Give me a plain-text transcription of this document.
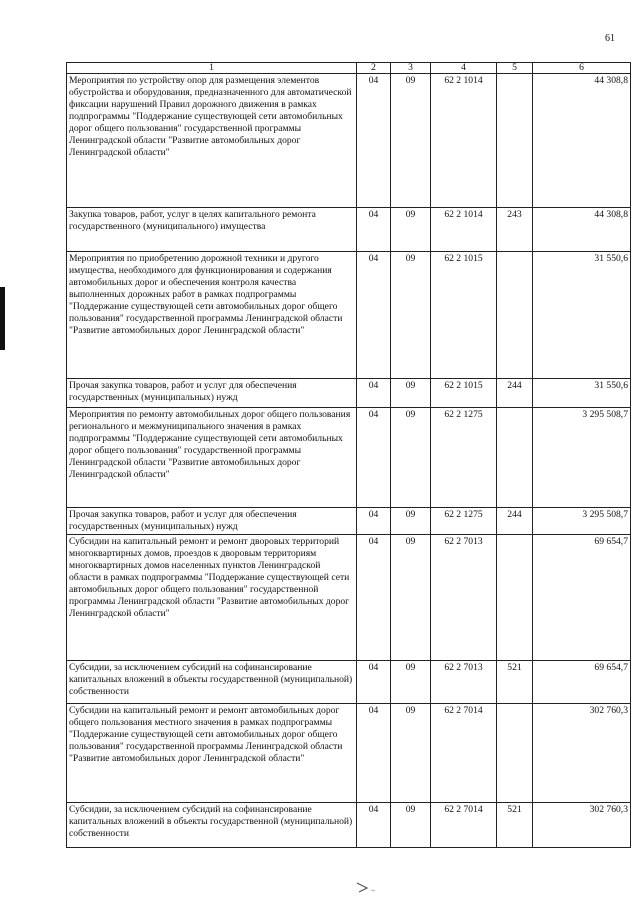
61
1	2	3	4	5	6
Мероприятия по устройству опор для размещения элементов обустройства и оборудования, предназначенного для автоматической фиксации нарушений Правил дорожного движения в рамках подпрограммы "Поддержание существующей сети автомобильных дорог общего пользования" государственной программы Ленинградской области "Развитие автомобильных дорог Ленинградской области"	04	09	62 2 1014		44 308,8
Закупка товаров, работ, услуг в целях капитального ремонта государственного (муниципального) имущества	04	09	62 2 1014	243	44 308,8
Мероприятия по приобретению дорожной техники и другого имущества, необходимого для функционирования и содержания автомобильных дорог и обеспечения контроля качества выполненных дорожных работ в рамках подпрограммы "Поддержание существующей сети автомобильных дорог общего пользования" государственной программы Ленинградской области "Развитие автомобильных дорог Ленинградской области"	04	09	62 2 1015		31 550,6
Прочая закупка товаров, работ и услуг для обеспечения государственных (муниципальных) нужд	04	09	62 2 1015	244	31 550,6
Мероприятия по ремонту автомобильных дорог общего пользования регионального и межмуниципального значения в рамках подпрограммы "Поддержание существующей сети автомобильных дорог общего пользования" государственной программы Ленинградской области "Развитие автомобильных дорог Ленинградской области"	04	09	62 2 1275		3 295 508,7
Прочая закупка товаров, работ и услуг для обеспечения государственных (муниципальных) нужд	04	09	62 2 1275	244	3 295 508,7
Субсидии на капитальный ремонт и ремонт дворовых территорий многоквартирных домов, проездов к дворовым территориям многоквартирных домов населенных пунктов Ленинградской области в рамках подпрограммы "Поддержание существующей сети автомобильных дорог общего пользования" государственной программы Ленинградской области "Развитие автомобильных дорог Ленинградской области"	04	09	62 2 7013		69 654,7
Субсидии, за исключением субсидий на софинансирование капитальных вложений в объекты государственной (муниципальной) собственности	04	09	62 2 7013	521	69 654,7
Субсидии на капитальный ремонт и ремонт автомобильных дорог общего пользования местного значения в рамках подпрограммы "Поддержание существующей сети автомобильных дорог общего пользования" государственной программы Ленинградской области "Развитие автомобильных дорог Ленинградской области"	04	09	62 2 7014		302 760,3
Субсидии, за исключением субсидий на софинансирование капитальных вложений в объекты государственной (муниципальной) собственности	04	09	62 2 7014	521	302 760,3
